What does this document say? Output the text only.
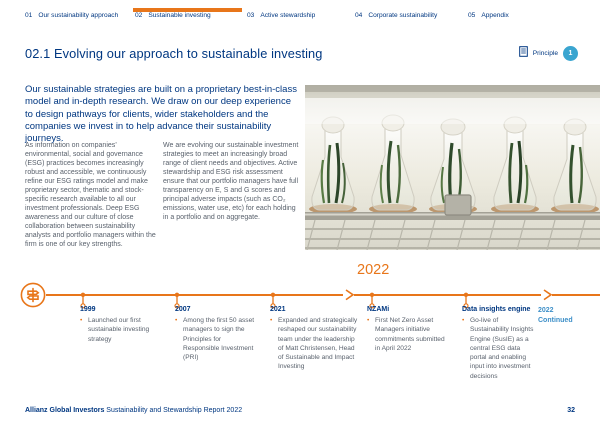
01 Our sustainability approach	02 Sustainable investing	03 Active stewardship	04 Corporate sustainability	05 Appendix
02.1 Evolving our approach to sustainable investing	Principle	1
Our sustainable strategies are built on a proprietary best-in-class model and in-depth research. We draw on our deep experience to design pathways for clients, wider stakeholders and the companies we invest in to help advance their sustainability journeys.
As information on companies’ environmental, social and governance (ESG) practices becomes increasingly robust and accessible, we continuously refine our ESG ratings model and make proprietary sector, thematic and stock-specific research available to all our investment professionals. Deep ESG awareness and our culture of close collaboration between sustainability analysts and portfolio managers within the firm is one of our key strengths.
We are evolving our sustainable investment strategies to meet an increasingly broad range of client needs and objectives. Active stewardship and ESG risk assessment ensure that our portfolio managers have full transparency on E, S and G scores and principal adverse impacts (such as CO₂ emissions, water use, etc) for each holding in a portfolio and on aggregate.
2022
1999
• Launched our first sustainable investing strategy
2007
• Among the first 50 asset managers to sign the Principles for Responsible Investment (PRI)
2021
• Expanded and strategically reshaped our sustainability team under the leadership of Matt Christensen, Head of Sustainable and Impact Investing
NZAMi
• First Net Zero Asset Managers initiative commitments submitted in April 2022
Data insights engine
• Go-live of Sustainability Insights Engine (SusIE) as a central ESG data portal and enabling input into investment decisions
2022
Continued
Allianz Global Investors Sustainability and Stewardship Report 2022	32
